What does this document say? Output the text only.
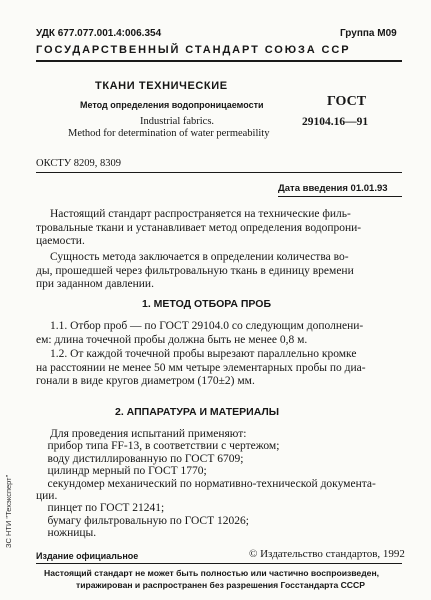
УДК 677.077.001.4:006.354	Группа М09
ГОСУДАРСТВЕННЫЙ СТАНДАРТ СОЮЗА ССР
ТКАНИ ТЕХНИЧЕСКИЕ
Метод определения водопроницаемости
Industrial fabrics.
Method for determination of water permeability
ГОСТ
29104.16—91
ОКСТУ 8209, 8309
Дата введения 01.01.93
Настоящий стандарт распространяется на технические филь-
тровальные ткани и устанавливает метод определения водопрони-
цаемости.
Сущность метода заключается в определении количества во-
ды, прошедшей через фильтровальную ткань в единицу времени
при заданном давлении.
1. МЕТОД ОТБОРА ПРОБ
1.1. Отбор проб — по ГОСТ 29104.0 со следующим дополнени-
ем: длина точечной пробы должна быть не менее 0,8 м.
1.2. От каждой точечной пробы вырезают параллельно кромке
на расстоянии не менее 50 мм четыре элементарных пробы по диа-
гонали в виде кругов диаметром (170±2) мм.
2. АППАРАТУРА И МАТЕРИАЛЫ
Для проведения испытаний применяют:
прибор типа FF-13, в соответствии с чертежом;
воду дистиллированную по ГОСТ 6709;
цилиндр мерный по ГОСТ 1770;
секундомер механический по нормативно-технической документа-
ции.
пинцет по ГОСТ 21241;
бумагу фильтровальную по ГОСТ 12026;
ножницы.
Издание официальное	© Издательство стандартов, 1992
Настоящий стандарт не может быть полностью или частично воспроизведен,
тиражирован и распространен без разрешения Госстандарта СССР
ЗС НТИ "Техэксперт"
